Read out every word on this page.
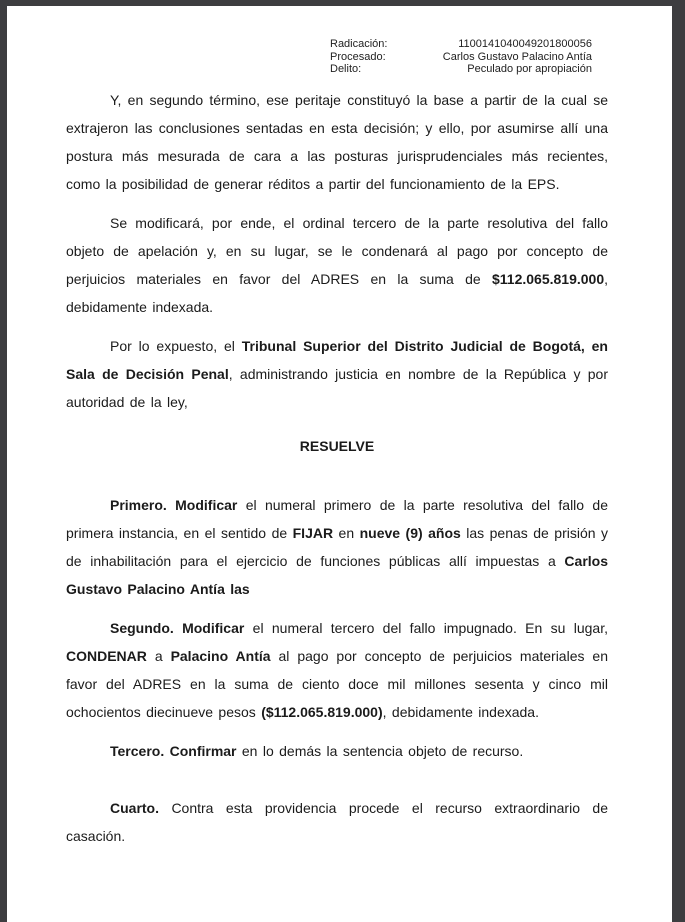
Radicación:	1100141040049201800056
Procesado:	Carlos Gustavo Palacino Antía
Delito:	Peculado por apropiación

Y, en segundo término, ese peritaje constituyó la base a partir de la cual se extrajeron las conclusiones sentadas en esta decisión; y ello, por asumirse allí una postura más mesurada de cara a las posturas jurisprudenciales más recientes, como la posibilidad de generar réditos a partir del funcionamiento de la EPS.

Se modificará, por ende, el ordinal tercero de la parte resolutiva del fallo objeto de apelación y, en su lugar, se le condenará al pago por concepto de perjuicios materiales en favor del ADRES en la suma de $112.065.819.000, debidamente indexada.

Por lo expuesto, el Tribunal Superior del Distrito Judicial de Bogotá, en Sala de Decisión Penal, administrando justicia en nombre de la República y por autoridad de la ley,

RESUELVE

Primero. Modificar el numeral primero de la parte resolutiva del fallo de primera instancia, en el sentido de FIJAR en nueve (9) años las penas de prisión y de inhabilitación para el ejercicio de funciones públicas allí impuestas a Carlos Gustavo Palacino Antía las

Segundo. Modificar el numeral tercero del fallo impugnado. En su lugar, CONDENAR a Palacino Antía al pago por concepto de perjuicios materiales en favor del ADRES en la suma de ciento doce mil millones sesenta y cinco mil ochocientos diecinueve pesos ($112.065.819.000), debidamente indexada.

Tercero. Confirmar en lo demás la sentencia objeto de recurso.

Cuarto. Contra esta providencia procede el recurso extraordinario de casación.
